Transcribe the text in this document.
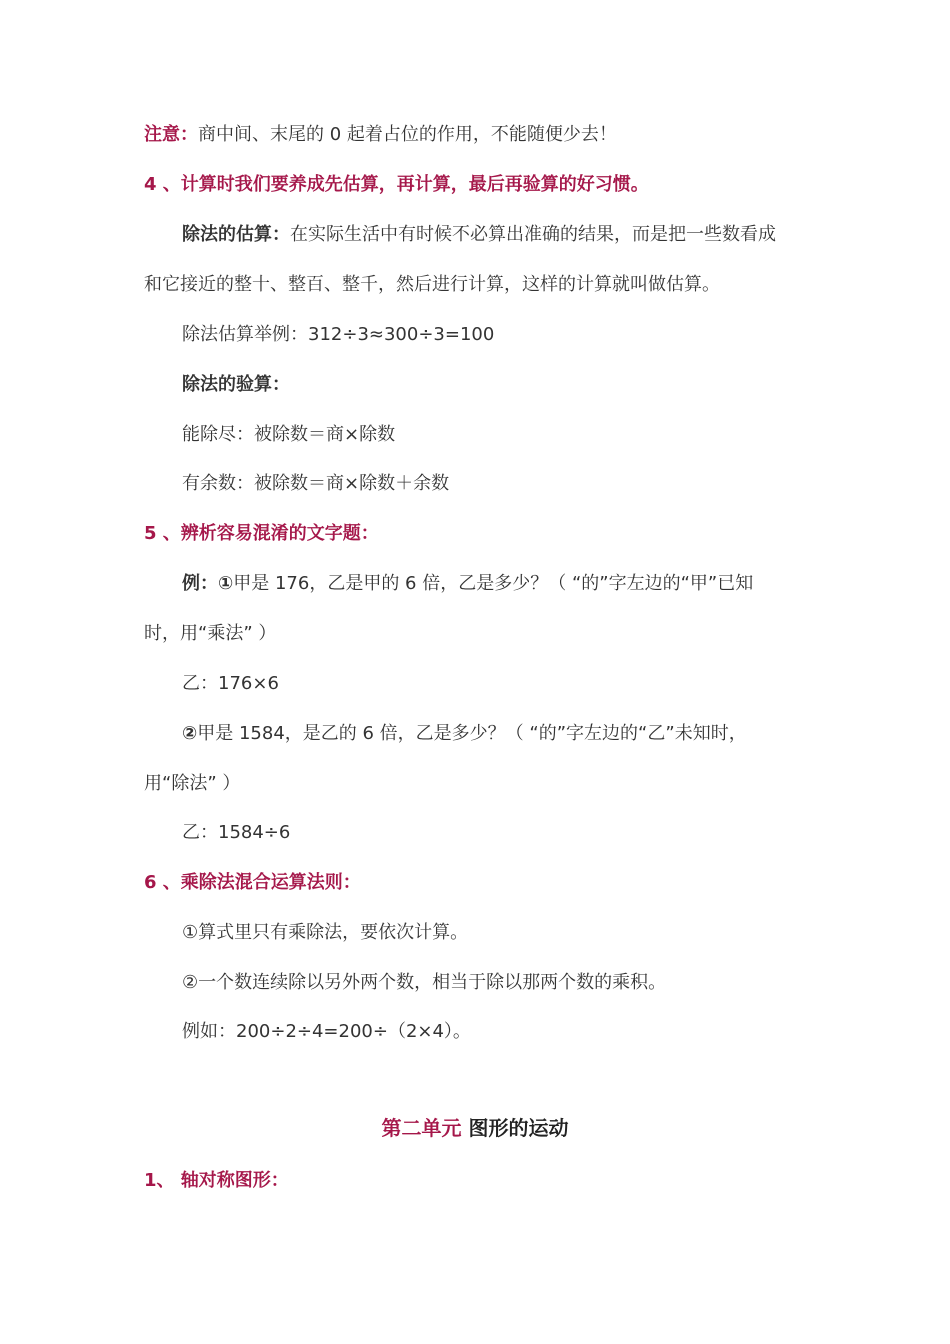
注意：商中间、末尾的 0 起着占位的作用，不能随便少去！
4 、计算时我们要养成先估算，再计算，最后再验算的好习惯。
除法的估算：在实际生活中有时候不必算出准确的结果，而是把一些数看成
和它接近的整十、整百、整千，然后进行计算，这样的计算就叫做估算。
除法估算举例：312÷3≈300÷3=100
除法的验算：
能除尽：被除数＝商×除数
有余数：被除数＝商×除数＋余数
5 、辨析容易混淆的文字题：
例：①甲是 176，乙是甲的 6 倍，乙是多少？（ “的”字左边的“甲”已知
时，用“乘法” ）
乙：176×6
②甲是 1584，是乙的 6 倍，乙是多少？（ “的”字左边的“乙”未知时，
用“除法” ）
乙：1584÷6
6 、乘除法混合运算法则：
①算式里只有乘除法，要依次计算。
②一个数连续除以另外两个数，相当于除以那两个数的乘积。
例如：200÷2÷4=200÷（2×4）。
第二单元 图形的运动
1、 轴对称图形：
